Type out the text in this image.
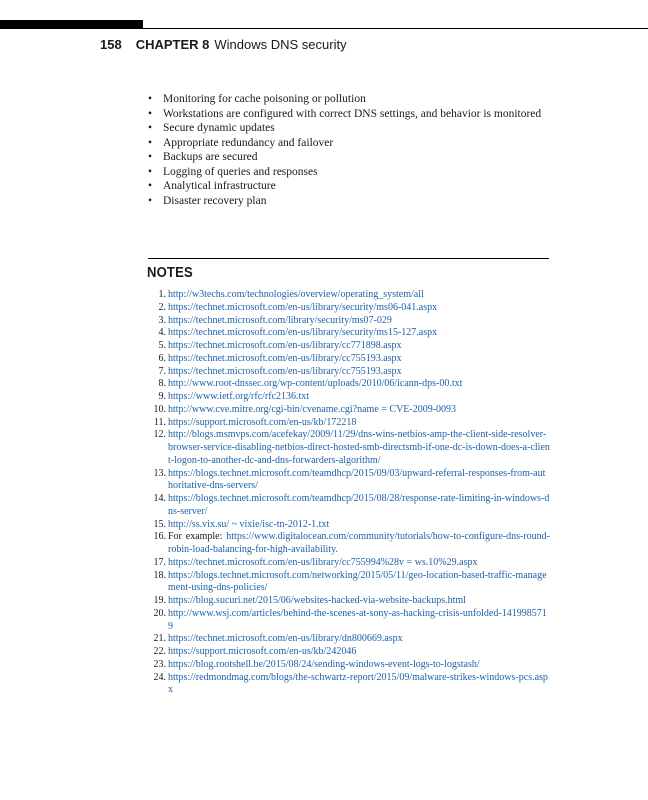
158 CHAPTER 8 Windows DNS security
• Monitoring for cache poisoning or pollution
• Workstations are configured with correct DNS settings, and behavior is monitored
• Secure dynamic updates
• Appropriate redundancy and failover
• Backups are secured
• Logging of queries and responses
• Analytical infrastructure
• Disaster recovery plan
NOTES
1. http://w3techs.com/technologies/overview/operating_system/all
2. https://technet.microsoft.com/en-us/library/security/ms06-041.aspx
3. https://technet.microsoft.com/library/security/ms07-029
4. https://technet.microsoft.com/en-us/library/security/ms15-127.aspx
5. https://technet.microsoft.com/en-us/library/cc771898.aspx
6. https://technet.microsoft.com/en-us/library/cc755193.aspx
7. https://technet.microsoft.com/en-us/library/cc755193.aspx
8. http://www.root-dnssec.org/wp-content/uploads/2010/06/icann-dps-00.txt
9. https://www.ietf.org/rfc/rfc2136.txt
10. http://www.cve.mitre.org/cgi-bin/cvename.cgi?name = CVE-2009-0093
11. https://support.microsoft.com/en-us/kb/172218
12. http://blogs.msmvps.com/acefekay/2009/11/29/dns-wins-netbios-amp-the-client-side-resolver-browser-service-disabling-netbios-direct-hosted-smb-directsmb-if-one-dc-is-down-does-a-client-logon-to-another-dc-and-dns-forwarders-algorithm/
13. https://blogs.technet.microsoft.com/teamdhcp/2015/09/03/upward-referral-responses-from-authoritative-dns-servers/
14. https://blogs.technet.microsoft.com/teamdhcp/2015/08/28/response-rate-limiting-in-windows-dns-server/
15. http://ss.vix.su/ ~ vixie/isc-tn-2012-1.txt
16. For example: https://www.digitalocean.com/community/tutorials/how-to-configure-dns-round-robin-load-balancing-for-high-availability.
17. https://technet.microsoft.com/en-us/library/cc755994%28v = ws.10%29.aspx
18. https://blogs.technet.microsoft.com/networking/2015/05/11/geo-location-based-traffic-management-using-dns-policies/
19. https://blog.sucuri.net/2015/06/websites-hacked-via-website-backups.html
20. http://www.wsj.com/articles/behind-the-scenes-at-sony-as-hacking-crisis-unfolded-1419985719
21. https://technet.microsoft.com/en-us/library/dn800669.aspx
22. https://support.microsoft.com/en-us/kb/242046
23. https://blog.rootshell.be/2015/08/24/sending-windows-event-logs-to-logstash/
24. https://redmondmag.com/blogs/the-schwartz-report/2015/09/malware-strikes-windows-pcs.aspx
